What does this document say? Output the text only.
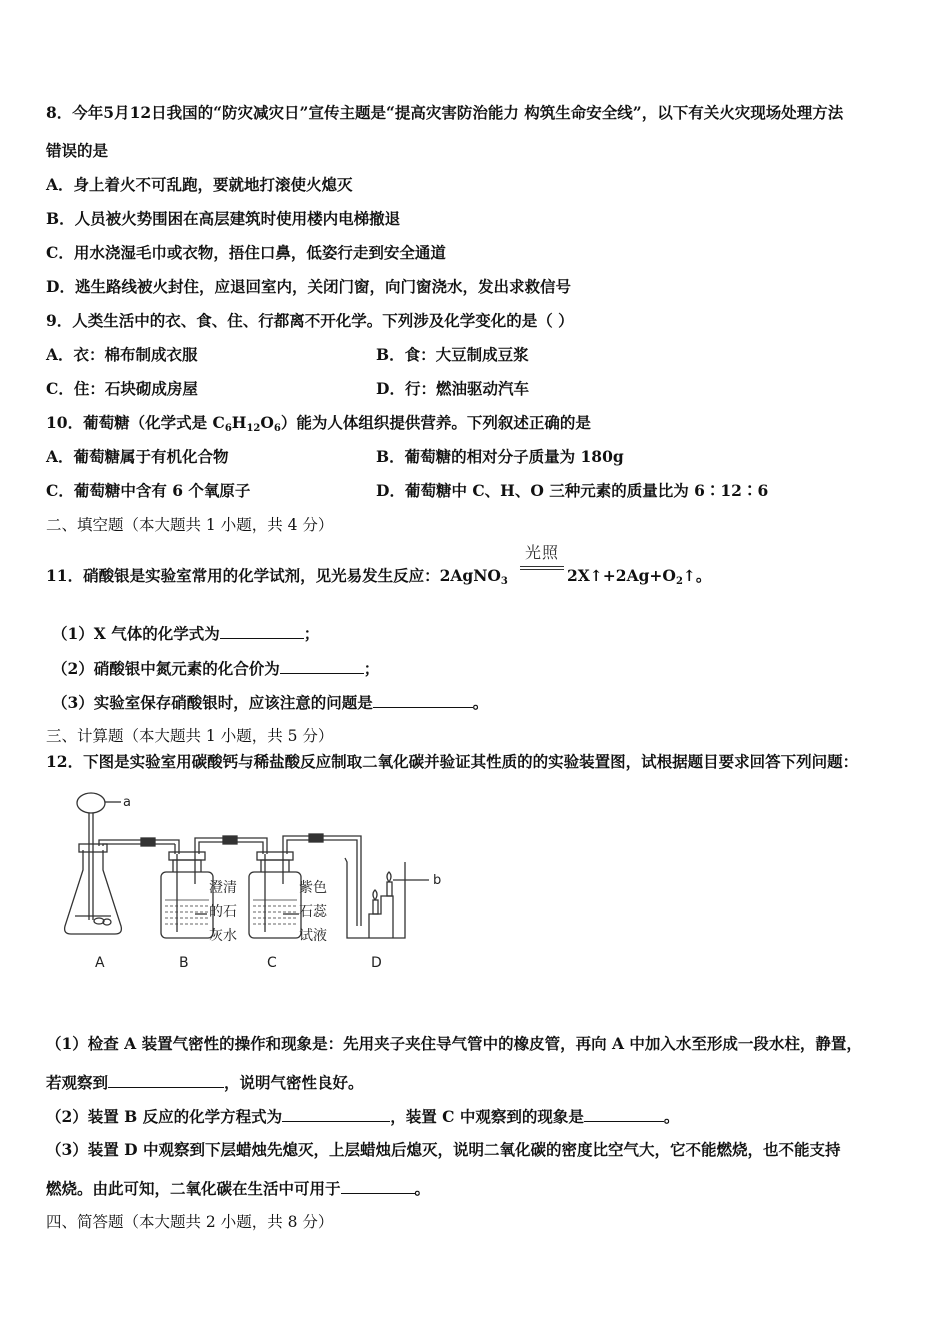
8．今年5月12日我国的“防灾减灾日”宣传主题是“提高灾害防治能力 构筑生命安全线”，以下有关火灾现场处理方法
错误的是
A．身上着火不可乱跑，要就地打滚使火熄灭
B．人员被火势围困在高层建筑时使用楼内电梯撤退
C．用水浇湿毛巾或衣物，捂住口鼻，低姿行走到安全通道
D．逃生路线被火封住，应退回室内，关闭门窗，向门窗浇水，发出求救信号
9．人类生活中的衣、食、住、行都离不开化学。下列涉及化学变化的是（ ）
A．衣：棉布制成衣服	B．食：大豆制成豆浆
C．住：石块砌成房屋	D．行：燃油驱动汽车
10．葡萄糖（化学式是 $C_6H_{12}O_6$）能为人体组织提供营养。下列叙述正确的是
A．葡萄糖属于有机化合物	B．葡萄糖的相对分子质量为 180g
C．葡萄糖中含有 6 个氧原子	D．葡萄糖中 C、H、O 三种元素的质量比为 6∶12∶6
二、填空题（本大题共 1 小题，共 4 分）
光照
11．硝酸银是实验室常用的化学试剂，见光易发生反应：2AgNO$_3$	$2X↑+2Ag+O_2↑$。
（1）X 气体的化学式为	；
（2）硝酸银中氮元素的化合价为	；
（3）实验室保存硝酸银时，应该注意的问题是	。
三、计算题（本大题共 1 小题，共 5 分）
12．下图是实验室用碳酸钙与稀盐酸反应制取二氧化碳并验证其性质的的实验装置图，试根据题目要求回答下列问题：
a
b
澄清
的石
灰水
紫色
石蕊
试液
A	B	C	D
（1）检查 A 装置气密性的操作和现象是：先用夹子夹住导气管中的橡皮管，再向 A 中加入水至形成一段水柱，静置，
若观察到	，说明气密性良好。
（2）装置 B 反应的化学方程式为	，装置 C 中观察到的现象是	。
（3）装置 D 中观察到下层蜡烛先熄灭，上层蜡烛后熄灭，说明二氧化碳的密度比空气大，它不能燃烧，也不能支持
燃烧。由此可知，二氧化碳在生活中可用于	。
四、简答题（本大题共 2 小题，共 8 分）
